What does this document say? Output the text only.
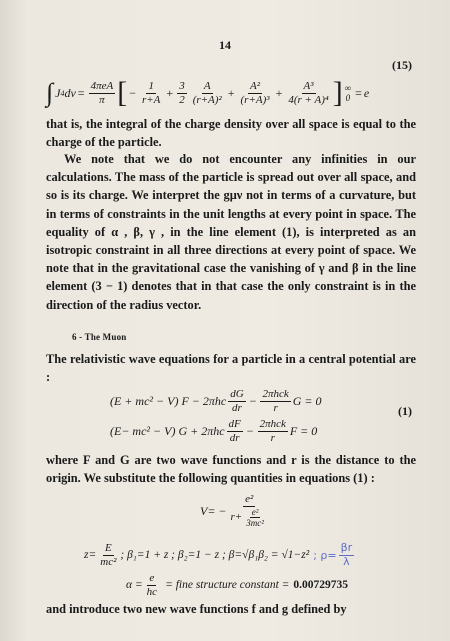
14
(15)
∫ J 4 dv = $\frac{\text{4πeA}}{\pi}$ [ − $\frac{1}{r+A} + \frac{3}{2} \frac{A}{\text{(r+A)²}} + \frac{\text{A²}}{\text{(r+A)³}} + \frac{\text{A³}}{\text{4(r + A)⁴}}$ ] ∞
0 = e
that is, the integral of the charge density over all space is equal to the charge of the particle.
We note that we do not encounter any infinities in our calculations. The mass of the particle is spread out over all space, and so is its charge. We interpret the gμν not in terms of a curvature, but in terms of constraints in the unit lengths at every point in space. The equality of α , β, γ , in the line element (1), is interpreted as an isotropic constraint in all three directions at every point of space. We note that in the gravitational case the vanishing of γ and β in the line element (3 − 1) denotes that in that case the only constraint is in the direction of the radius vector.
6 - The Muon
The relativistic wave equations for a particle in a central potential are :
(1)
(E + mc² − V) $F - 2\pi hc \frac{dG}{dr} - \frac{\text{2πhck}}{r}$ G = 0
(E− mc² − V) $G + 2\pi hc \frac{dF}{dr} - \frac{\text{2πhck}}{r}$ F = 0
where F and G are two wave functions and r is the distance to the origin. We substitute the following quantities in equations (1) :
$V= - \frac{\text{e²}}{r+ \frac{\text{e²}}{\text{3mc²}}}$
$z= \frac{E}{\text{mc²}}$ ; β₁=1 + z ; β₂=1 − z ; β=√β₁β₂ = √1−z² ; $\rho= \frac{\beta r}{\lambda}$
$\alpha = \frac{e}{hc}$ = fine structure constant = 0.00729735
and introduce two new wave functions f and g defined by
